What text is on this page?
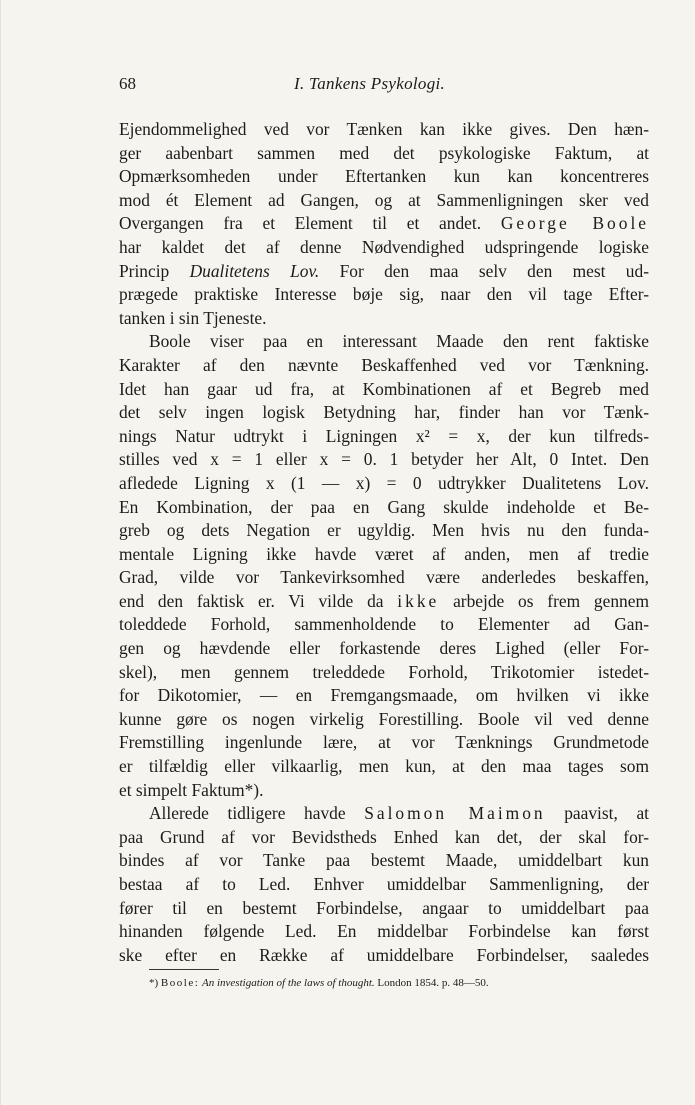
68	I. Tankens Psykologi.
Ejendommelighed ved vor Tænken kan ikke gives. Den hæn-
ger aabenbart sammen med det psykologiske Faktum, at
Opmærksomheden under Eftertanken kun kan koncentreres
mod ét Element ad Gangen, og at Sammenligningen sker ved
Overgangen fra et Element til et andet. George Boole
har kaldet det af denne Nødvendighed udspringende logiske
Princip Dualitetens Lov. For den maa selv den mest ud-
prægede praktiske Interesse bøje sig, naar den vil tage Efter-
tanken i sin Tjeneste.
Boole viser paa en interessant Maade den rent faktiske
Karakter af den nævnte Beskaffenhed ved vor Tænkning.
Idet han gaar ud fra, at Kombinationen af et Begreb med
det selv ingen logisk Betydning har, finder han vor Tænk-
nings Natur udtrykt i Ligningen x² = x, der kun tilfreds-
stilles ved x = 1 eller x = 0. 1 betyder her Alt, 0 Intet. Den
afledede Ligning x (1 — x) = 0 udtrykker Dualitetens Lov.
En Kombination, der paa en Gang skulde indeholde et Be-
greb og dets Negation er ugyldig. Men hvis nu den funda-
mentale Ligning ikke havde været af anden, men af tredie
Grad, vilde vor Tankevirksomhed være anderledes beskaffen,
end den faktisk er. Vi vilde da ikke arbejde os frem gennem
toleddede Forhold, sammenholdende to Elementer ad Gan-
gen og hævdende eller forkastende deres Lighed (eller For-
skel), men gennem treleddede Forhold, Trikotomier istedet-
for Dikotomier, — en Fremgangsmaade, om hvilken vi ikke
kunne gøre os nogen virkelig Forestilling. Boole vil ved denne
Fremstilling ingenlunde lære, at vor Tænknings Grundmetode
er tilfældig eller vilkaarlig, men kun, at den maa tages som
et simpelt Faktum*).
Allerede tidligere havde Salomon Maimon paavist, at
paa Grund af vor Bevidstheds Enhed kan det, der skal for-
bindes af vor Tanke paa bestemt Maade, umiddelbart kun
bestaa af to Led. Enhver umiddelbar Sammenligning, der
fører til en bestemt Forbindelse, angaar to umiddelbart paa
hinanden følgende Led. En middelbar Forbindelse kan først
ske efter en Række af umiddelbare Forbindelser, saaledes
*) Boole: An investigation of the laws of thought. London 1854. p. 48—50.
